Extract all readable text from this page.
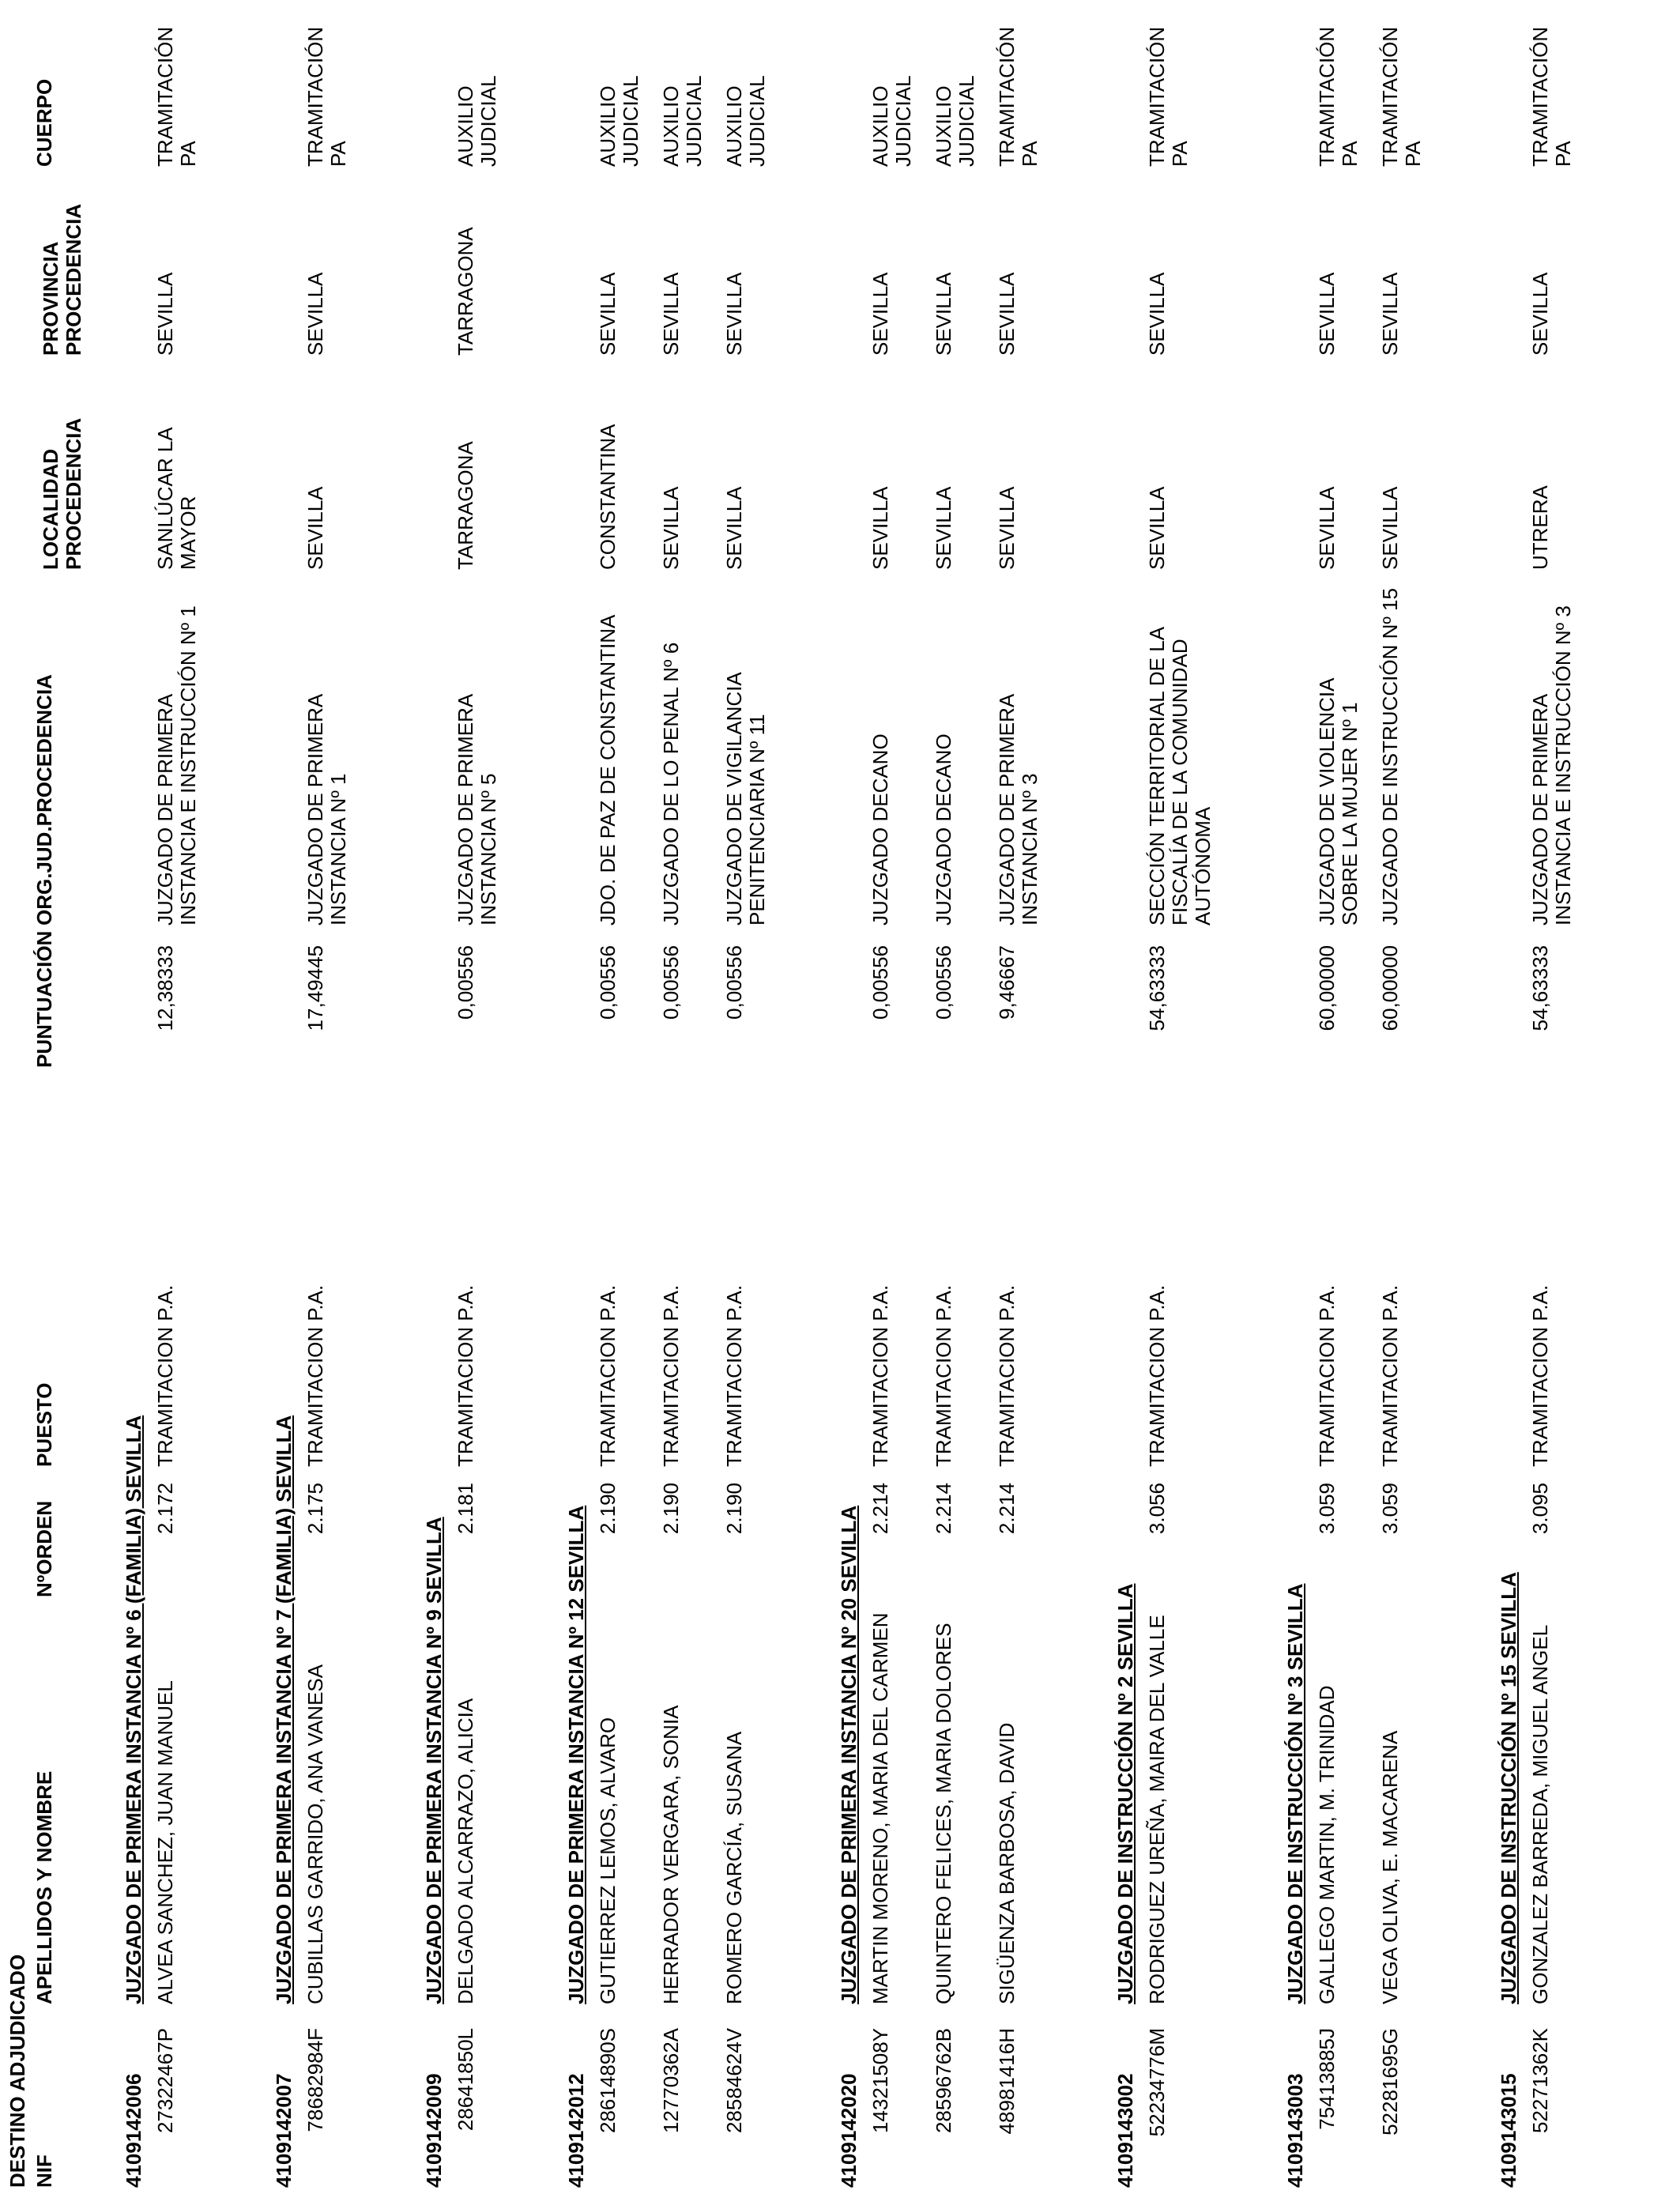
DESTINO ADJUDICADO NIF
APELLIDOS Y NOMBRE
NºORDEN
PUESTO
PUNTUACIÓN
ORG.JUD.PROCEDENCIA
LOCALIDAD PROCEDENCIA
PROVINCIA PROCEDENCIA
CUERPO
4109142006
JUZGADO DE PRIMERA INSTANCIA Nº 6 (FAMILIA) SEVILLA
27322467P
ALVEA SANCHEZ, JUAN MANUEL
2.172
TRAMITACION P.A.
12,38333
JUZGADO DE PRIMERA INSTANCIA E INSTRUCCIÓN Nº 1
SANLÚCAR LA MAYOR
SEVILLA
TRAMITACIÓN PA
4109142007
JUZGADO DE PRIMERA INSTANCIA Nº 7 (FAMILIA) SEVILLA
78682984F
CUBILLAS GARRIDO, ANA VANESA
2.175
TRAMITACION P.A.
17,49445
JUZGADO DE PRIMERA INSTANCIA Nº 1
SEVILLA
SEVILLA
TRAMITACIÓN PA
4109142009
JUZGADO DE PRIMERA INSTANCIA Nº 9 SEVILLA
28641850L
DELGADO ALCARRAZO, ALICIA
2.181
TRAMITACION P.A.
0,00556
JUZGADO DE PRIMERA INSTANCIA Nº 5
TARRAGONA
TARRAGONA
AUXILIO JUDICIAL
4109142012
JUZGADO DE PRIMERA INSTANCIA Nº 12 SEVILLA
28614890S
GUTIERREZ LEMOS, ALVARO
2.190
TRAMITACION P.A.
0,00556
JDO. DE PAZ DE CONSTANTINA
CONSTANTINA
SEVILLA
AUXILIO JUDICIAL
12770362A
HERRADOR VERGARA, SONIA
2.190
TRAMITACION P.A.
0,00556
JUZGADO DE LO PENAL Nº 6
SEVILLA
SEVILLA
AUXILIO JUDICIAL
28584624V
ROMERO GARCÍA, SUSANA
2.190
TRAMITACION P.A.
0,00556
JUZGADO DE VIGILANCIA PENITENCIARIA Nº 11
SEVILLA
SEVILLA
AUXILIO JUDICIAL
4109142020
JUZGADO DE PRIMERA INSTANCIA Nº 20 SEVILLA
14321508Y
MARTIN MORENO, MARIA DEL CARMEN
2.214
TRAMITACION P.A.
0,00556
JUZGADO DECANO
SEVILLA
SEVILLA
AUXILIO JUDICIAL
28596762B
QUINTERO FELICES, MARIA DOLORES
2.214
TRAMITACION P.A.
0,00556
JUZGADO DECANO
SEVILLA
SEVILLA
AUXILIO JUDICIAL
48981416H
SIGÜENZA BARBOSA, DAVID
2.214
TRAMITACION P.A.
9,46667
JUZGADO DE PRIMERA INSTANCIA Nº 3
SEVILLA
SEVILLA
TRAMITACIÓN PA
4109143002
JUZGADO DE INSTRUCCIÓN Nº 2 SEVILLA
52234776M
RODRIGUEZ UREÑA, MAIRA DEL VALLE
3.056
TRAMITACION P.A.
54,63333
SECCIÓN TERRITORIAL DE LA FISCALÍA DE LA COMUNIDAD AUTÓNOMA
SEVILLA
SEVILLA
TRAMITACIÓN PA
4109143003
JUZGADO DE INSTRUCCIÓN Nº 3 SEVILLA
75413885J
GALLEGO MARTIN, M. TRINIDAD
3.059
TRAMITACION P.A.
60,00000
JUZGADO DE VIOLENCIA SOBRE LA MUJER Nº 1
SEVILLA
SEVILLA
TRAMITACIÓN PA
52281695G
VEGA OLIVA, E. MACARENA
3.059
TRAMITACION P.A.
60,00000
JUZGADO DE INSTRUCCIÓN Nº 15
SEVILLA
SEVILLA
TRAMITACIÓN PA
4109143015
JUZGADO DE INSTRUCCIÓN Nº 15 SEVILLA
52271362K
GONZALEZ BARREDA, MIGUEL ANGEL
3.095
TRAMITACION P.A.
54,63333
JUZGADO DE PRIMERA INSTANCIA E INSTRUCCIÓN Nº 3
UTRERA
SEVILLA
TRAMITACIÓN PA
